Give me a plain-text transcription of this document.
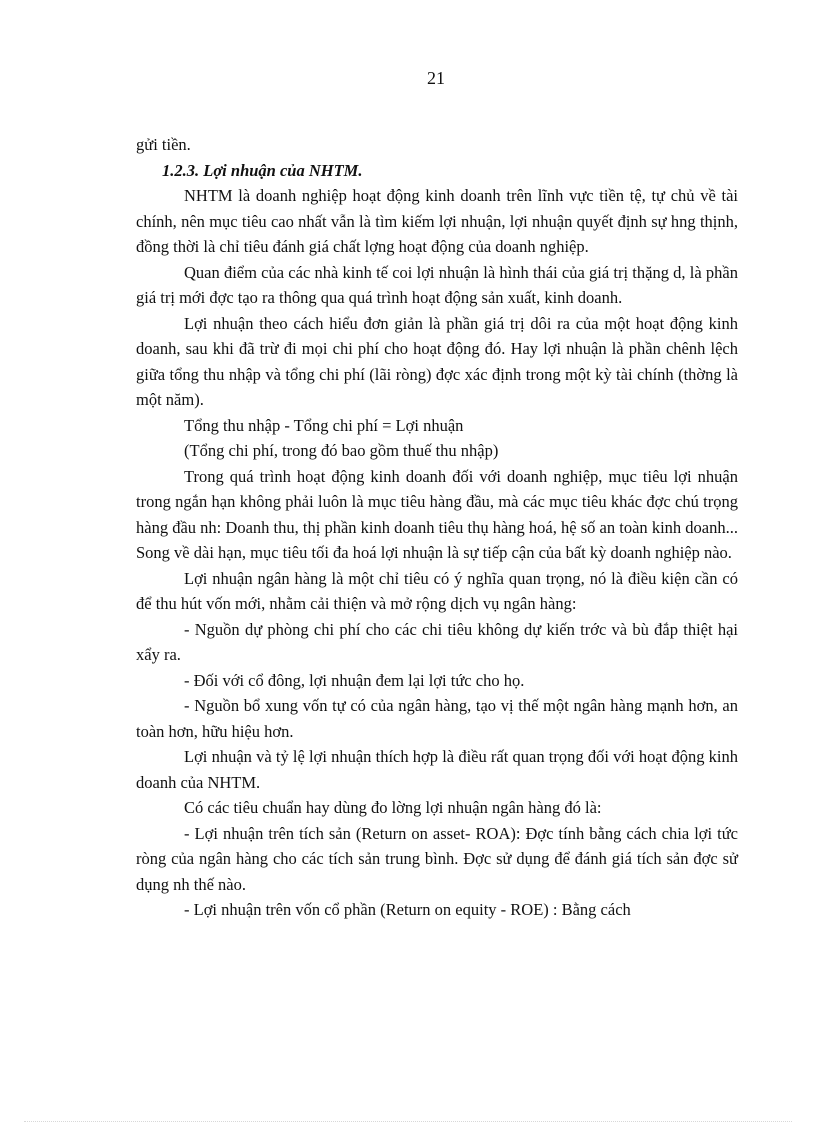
21

gửi tiền.

1.2.3. Lợi nhuận của NHTM.

NHTM là doanh nghiệp hoạt động kinh doanh trên lĩnh vực tiền tệ, tự chủ về tài chính, nên mục tiêu cao nhất vẫn là tìm kiếm lợi nhuận, lợi nhuận quyết định sự hng thịnh, đồng thời là chỉ tiêu đánh giá chất lợng hoạt động của doanh nghiệp.

Quan điểm của các nhà kinh tế coi lợi nhuận là hình thái của giá trị thặng d, là phần giá trị mới đợc tạo ra thông qua quá trình hoạt động sản xuất, kinh doanh.

Lợi nhuận theo cách hiểu đơn giản là phần giá trị dôi ra của một hoạt động kinh doanh, sau khi đã trừ đi mọi chi phí cho hoạt động đó. Hay lợi nhuận là phần chênh lệch giữa tổng thu nhập và tổng chi phí (lãi ròng) đợc xác định trong một kỳ tài chính (thờng là một năm).

Tổng thu nhập - Tổng chi phí = Lợi nhuận

(Tổng chi phí, trong đó bao gồm thuế thu nhập)

Trong quá trình hoạt động kinh doanh đối với doanh nghiệp, mục tiêu lợi nhuận trong ngắn hạn không phải luôn là mục tiêu hàng đầu, mà các mục tiêu khác đợc chú trọng hàng đầu nh: Doanh thu, thị phần kinh doanh tiêu thụ hàng hoá, hệ số an toàn kinh doanh... Song về dài hạn, mục tiêu tối đa hoá lợi nhuận là sự tiếp cận của bất kỳ doanh nghiệp nào.

Lợi nhuận ngân hàng là một chỉ tiêu có ý nghĩa quan trọng, nó là điều kiện cần có để thu hút vốn mới, nhằm cải thiện và mở rộng dịch vụ ngân hàng:

- Nguồn dự phòng chi phí cho các chi tiêu không dự kiến trớc và bù đắp thiệt hại xẩy ra.

- Đối với cổ đông, lợi nhuận đem lại lợi tức cho họ.

- Nguồn bổ xung vốn tự có của ngân hàng, tạo vị thế một ngân hàng mạnh hơn, an toàn hơn, hữu hiệu hơn.

Lợi nhuận và tỷ lệ lợi nhuận thích hợp là điều rất quan trọng đối với hoạt động kinh doanh của NHTM.

Có các tiêu chuẩn hay dùng đo lờng lợi nhuận ngân hàng đó là:

- Lợi nhuận trên tích sản (Return on asset- ROA): Đợc tính bằng cách chia lợi tức ròng của ngân hàng cho các tích sản trung bình. Đợc sử dụng để đánh giá tích sản đợc sử dụng nh thế nào.

- Lợi nhuận trên vốn cổ phần (Return on equity - ROE) : Bằng cách
